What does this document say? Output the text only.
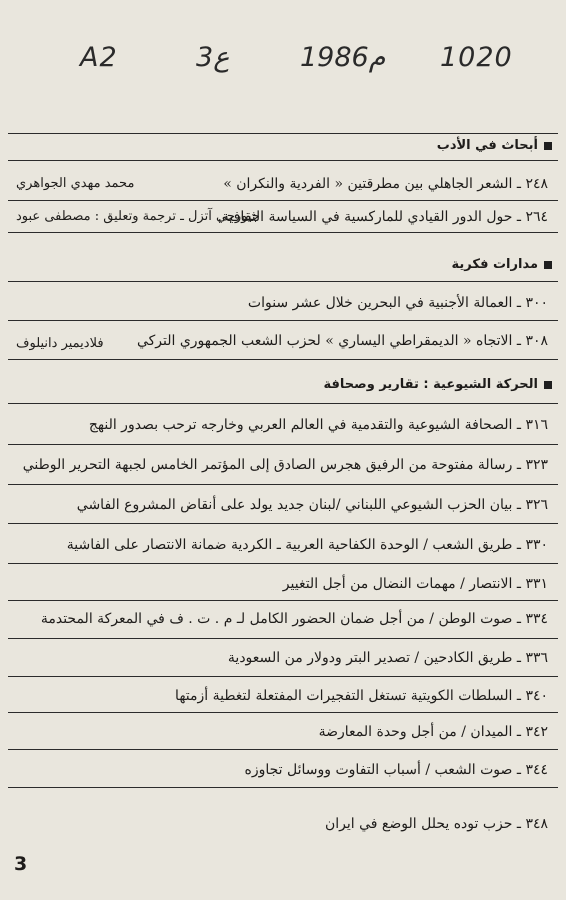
A2	3ع	1986م 1020
أبحاث في الأدب
٢٤٨ ـ الشعر الجاهلي بين مطرقتين « الفردية والنكران »
محمد مهدي الجواهري
٢٦٤ ـ حول الدور القيادي للماركسية في السياسة الثقافية.
جيورجي آتزل ـ ترجمة وتعليق : مصطفى عبود
مدارات فكرية
٣٠٠ ـ العمالة الأجنبية في البحرين خلال عشر سنوات
٣٠٨ ـ الاتجاه « الديمقراطي اليساري » لحزب الشعب الجمهوري التركي
فلاديمير دانيلوف
الحركة الشيوعية : تقارير وصحافة
٣١٦ ـ الصحافة الشيوعية والتقدمية في العالم العربي وخارجه ترحب بصدور النهج
٣٢٣ ـ رسالة مفتوحة من الرفيق هجرس الصادق إلى المؤتمر الخامس لجبهة التحرير الوطني
٣٢٦ ـ بيان الحزب الشيوعي اللبناني /لبنان جديد يولد على أنقاض المشروع الفاشي
٣٣٠ ـ طريق الشعب / الوحدة الكفاحية العربية ـ الكردية ضمانة الانتصار على الفاشية
٣٣١ ـ الانتصار / مهمات النضال من أجل التغيير
٣٣٤ ـ صوت الوطن / من أجل ضمان الحضور الكامل لـ م . ت . ف في المعركة المحتدمة
٣٣٦ ـ طريق الكادحين / تصدير البتر ودولار من السعودية
٣٤٠ ـ السلطات الكويتية تستغل التفجيرات المفتعلة لتغطية أزمتها
٣٤٢ ـ الميدان / من أجل وحدة المعارضة
٣٤٤ ـ صوت الشعب / أسباب التفاوت ووسائل تجاوزه
٣٤٨ ـ حزب توده يحلل الوضع في ايران
3
